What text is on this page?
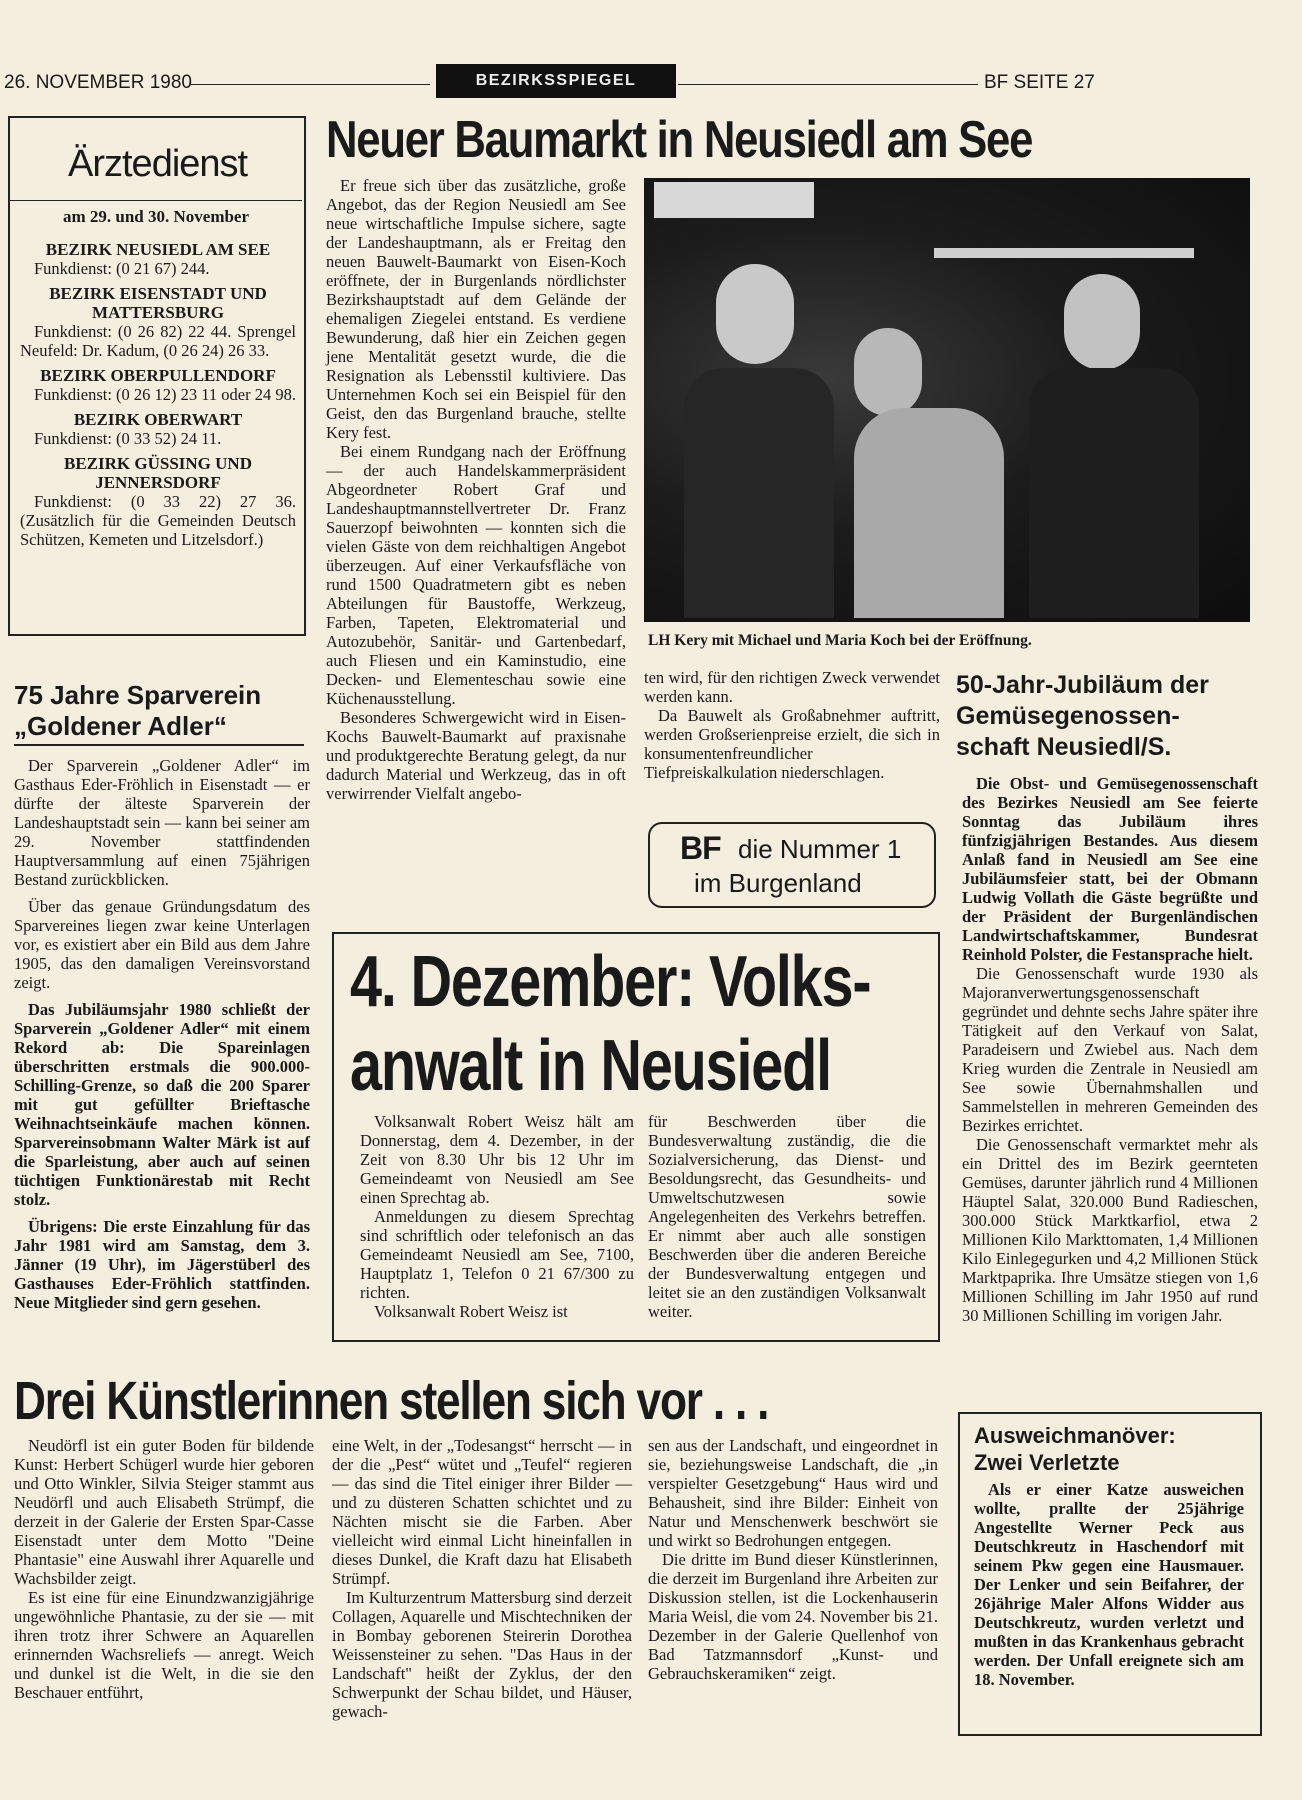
26. NOVEMBER 1980	BEZIRKSSPIEGEL	BF SEITE 27
Ärztedienst
am 29. und 30. November
BEZIRK NEUSIEDL AM SEE

Funkdienst: (0 21 67) 244.

BEZIRK EISENSTADT UND MATTERSBURG

Funkdienst: (0 26 82) 22 44. Sprengel Neufeld: Dr. Kadum, (0 26 24) 26 33.

BEZIRK OBERPULLENDORF

Funkdienst: (0 26 12) 23 11 oder 24 98.

BEZIRK OBERWART

Funkdienst: (0 33 52) 24 11.

BEZIRK GÜSSING UND JENNERSDORF

Funkdienst: (0 33 22) 27 36. (Zusätzlich für die Gemeinden Deutsch Schützen, Kemeten und Litzelsdorf.)

75 Jahre Sparverein
„Goldener Adler“

Der Sparverein „Goldener Adler“ im Gasthaus Eder-Fröhlich in Eisenstadt — er dürfte der älteste Sparverein der Landeshauptstadt sein — kann bei seiner am 29. November stattfindenden Hauptversammlung auf einen 75jährigen Bestand zurückblicken.

Über das genaue Gründungsdatum des Sparvereines liegen zwar keine Unterlagen vor, es existiert aber ein Bild aus dem Jahre 1905, das den damaligen Vereinsvorstand zeigt.

Das Jubiläumsjahr 1980 schließt der Sparverein „Goldener Adler“ mit einem Rekord ab: Die Spareinlagen überschritten erstmals die 900.000-Schilling-Grenze, so daß die 200 Sparer mit gut gefüllter Brieftasche Weihnachtseinkäufe machen können. Sparvereinsobmann Walter Märk ist auf die Sparleistung, aber auch auf seinen tüchtigen Funktionärestab mit Recht stolz.

Übrigens: Die erste Einzahlung für das Jahr 1981 wird am Samstag, dem 3. Jänner (19 Uhr), im Jägerstüberl des Gasthauses Eder-Fröhlich stattfinden. Neue Mitglieder sind gern gesehen.

Neuer Baumarkt in Neusiedl am See

Er freue sich über das zusätzliche, große Angebot, das der Region Neusiedl am See neue wirtschaftliche Impulse sichere, sagte der Landeshauptmann, als er Freitag den neuen Bauwelt-Baumarkt von Eisen-Koch eröffnete, der in Burgenlands nördlichster Bezirkshauptstadt auf dem Gelände der ehemaligen Ziegelei entstand. Es verdiene Bewunderung, daß hier ein Zeichen gegen jene Mentalität gesetzt wurde, die die Resignation als Lebensstil kultiviere. Das Unternehmen Koch sei ein Beispiel für den Geist, den das Burgenland brauche, stellte Kery fest.

Bei einem Rundgang nach der Eröffnung — der auch Handelskammerpräsident Abgeordneter Robert Graf und Landeshauptmannstellvertreter Dr. Franz Sauerzopf beiwohnten — konnten sich die vielen Gäste von dem reichhaltigen Angebot überzeugen. Auf einer Verkaufsfläche von rund 1500 Quadratmetern gibt es neben Abteilungen für Baustoffe, Werkzeug, Farben, Tapeten, Elektromaterial und Autozubehör, Sanitär- und Gartenbedarf, auch Fliesen und ein Kaminstudio, eine Decken- und Elementeschau sowie eine Küchenausstellung.

Besonderes Schwergewicht wird in Eisen-Kochs Bauwelt-Baumarkt auf praxisnahe und produktgerechte Beratung gelegt, da nur dadurch Material und Werkzeug, das in oft verwirrender Vielfalt angebo-

LH Kery mit Michael und Maria Koch bei der Eröffnung.

ten wird, für den richtigen Zweck verwendet werden kann.

Da Bauwelt als Großabnehmer auftritt, werden Großserienpreise erzielt, die sich in konsumentenfreundlicher Tiefpreiskalkulation niederschlagen.

BF die Nummer 1
im Burgenland
4. Dezember: Volks-
anwalt in Neusiedl

Volksanwalt Robert Weisz hält am Donnerstag, dem 4. Dezember, in der Zeit von 8.30 Uhr bis 12 Uhr im Gemeindeamt von Neusiedl am See einen Sprechtag ab.

Anmeldungen zu diesem Sprechtag sind schriftlich oder telefonisch an das Gemeindeamt Neusiedl am See, 7100, Hauptplatz 1, Telefon 0 21 67/300 zu richten.

Volksanwalt Robert Weisz ist

für Beschwerden über die Bundesverwaltung zuständig, die die Sozialversicherung, das Dienst- und Besoldungsrecht, das Gesundheits- und Umweltschutzwesen sowie Angelegenheiten des Verkehrs betreffen. Er nimmt aber auch alle sonstigen Beschwerden über die anderen Bereiche der Bundesverwaltung entgegen und leitet sie an den zuständigen Volksanwalt weiter.

50-Jahr-Jubiläum der
Gemüsegenossen-
schaft Neusiedl/S.

Die Obst- und Gemüsegenossenschaft des Bezirkes Neusiedl am See feierte Sonntag das Jubiläum ihres fünfzigjährigen Bestandes. Aus diesem Anlaß fand in Neusiedl am See eine Jubiläumsfeier statt, bei der Obmann Ludwig Vollath die Gäste begrüßte und der Präsident der Burgenländischen Landwirtschaftskammer, Bundesrat Reinhold Polster, die Festansprache hielt.

Die Genossenschaft wurde 1930 als Majoranverwertungsgenossenschaft gegründet und dehnte sechs Jahre später ihre Tätigkeit auf den Verkauf von Salat, Paradeisern und Zwiebel aus. Nach dem Krieg wurden die Zentrale in Neusiedl am See sowie Übernahmshallen und Sammelstellen in mehreren Gemeinden des Bezirkes errichtet.

Die Genossenschaft vermarktet mehr als ein Drittel des im Bezirk geernteten Gemüses, darunter jährlich rund 4 Millionen Häuptel Salat, 320.000 Bund Radieschen, 300.000 Stück Marktkarfiol, etwa 2 Millionen Kilo Markttomaten, 1,4 Millionen Kilo Einlegegurken und 4,2 Millionen Stück Marktpaprika. Ihre Umsätze stiegen von 1,6 Millionen Schilling im Jahr 1950 auf rund 30 Millionen Schilling im vorigen Jahr.

Drei Künstlerinnen stellen sich vor . . .

Neudörfl ist ein guter Boden für bildende Kunst: Herbert Schügerl wurde hier geboren und Otto Winkler, Silvia Steiger stammt aus Neudörfl und auch Elisabeth Strümpf, die derzeit in der Galerie der Ersten Spar-Casse Eisenstadt unter dem Motto "Deine Phantasie" eine Auswahl ihrer Aquarelle und Wachsbilder zeigt.

Es ist eine für eine Einundzwanzigjährige ungewöhnliche Phantasie, zu der sie — mit ihren trotz ihrer Schwere an Aquarellen erinnernden Wachsreliefs — anregt. Weich und dunkel ist die Welt, in die sie den Beschauer entführt,

eine Welt, in der „Todesangst“ herrscht — in der die „Pest“ wütet und „Teufel“ regieren — das sind die Titel einiger ihrer Bilder — und zu düsteren Schatten schichtet und zu Nächten mischt sie die Farben. Aber vielleicht wird einmal Licht hineinfallen in dieses Dunkel, die Kraft dazu hat Elisabeth Strümpf.

Im Kulturzentrum Mattersburg sind derzeit Collagen, Aquarelle und Mischtechniken der in Bombay geborenen Steirerin Dorothea Weissensteiner zu sehen. "Das Haus in der Landschaft" heißt der Zyklus, der den Schwerpunkt der Schau bildet, und Häuser, gewach-

sen aus der Landschaft, und eingeordnet in sie, beziehungsweise Landschaft, die „in verspielter Gesetzgebung“ Haus wird und Behausheit, sind ihre Bilder: Einheit von Natur und Menschenwerk beschwört sie und wirkt so Bedrohungen entgegen.

Die dritte im Bund dieser Künstlerinnen, die derzeit im Burgenland ihre Arbeiten zur Diskussion stellen, ist die Lockenhauserin Maria Weisl, die vom 24. November bis 21. Dezember in der Galerie Quellenhof von Bad Tatzmannsdorf „Kunst- und Gebrauchskeramiken“ zeigt.

Ausweichmanöver:
Zwei Verletzte

Als er einer Katze ausweichen wollte, prallte der 25jährige Angestellte Werner Peck aus Deutschkreutz in Haschendorf mit seinem Pkw gegen eine Hausmauer. Der Lenker und sein Beifahrer, der 26jährige Maler Alfons Widder aus Deutschkreutz, wurden verletzt und mußten in das Krankenhaus gebracht werden. Der Unfall ereignete sich am 18. November.
